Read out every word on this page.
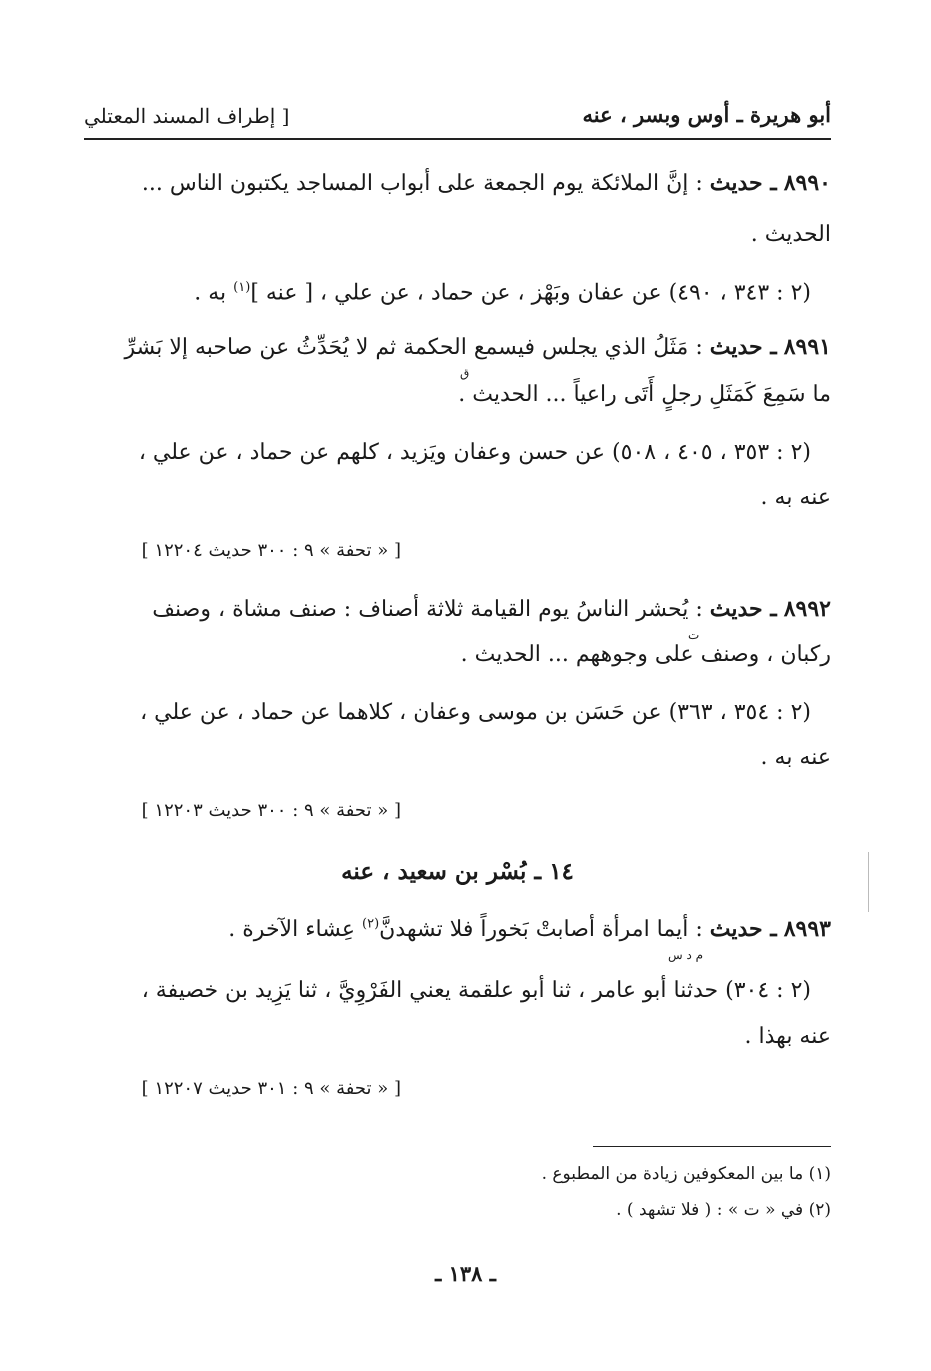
أبو هريرة ـ أوس وبسر ، عنه
[ إطراف المسند المعتلي
٨٩٩٠ ـ حديث : إنَّ الملائكة يوم الجمعة على أبواب المساجد يكتبون الناس ...
الحديث .
(٢ : ٣٤٣ ، ٤٩٠) عن عفان وبَهْز ، عن حماد ، عن علي ، [ عنه ]$^{(١)}$ به .
٨٩٩١ ـ حديث : مَثَلُ الذي يجلس فيسمع الحكمة ثم لا يُحَدِّثُ عن صاحبه إلا بَشرِّ
ق
ما سَمِعَ كَمَثَلِ رجلٍ أَتَى راعياً ... الحديث .
(٢ : ٣٥٣ ، ٤٠٥ ، ٥٠٨) عن حسن وعفان ويَزيد ، كلهم عن حماد ، عن علي ،
عنه به .
[ « تحفة » ٩ : ٣٠٠ حديث ١٢٢٠٤ ]
٨٩٩٢ ـ حديث : يُحشر الناسُ يوم القيامة ثلاثة أصناف : صنف مشاة ، وصنف
ت
ركبان ، وصنف على وجوههم ... الحديث .
(٢ : ٣٥٤ ، ٣٦٣) عن حَسَن بن موسى وعفان ، كلاهما عن حماد ، عن علي ،
عنه به .
[ « تحفة » ٩ : ٣٠٠ حديث ١٢٢٠٣ ]
١٤ ـ بُسْر بن سعيد ، عنه
٨٩٩٣ ـ حديث : أيما امرأة أصابتْ بَخوراً فلا تشهدنَّ$^{(٢)}$ عِشاء الآخرة .
م د س
(٢ : ٣٠٤) حدثنا أبو عامر ، ثنا أبو علقمة يعني الفَرْوِيَّ ، ثنا يَزِيد بن خصيفة ،
عنه بهذا .
[ « تحفة » ٩ : ٣٠١ حديث ١٢٢٠٧ ]
(١) ما بين المعكوفين زيادة من المطبوع .
(٢) في « ت » : ( فلا تشهد ) .
ـ ١٣٨ ـ
